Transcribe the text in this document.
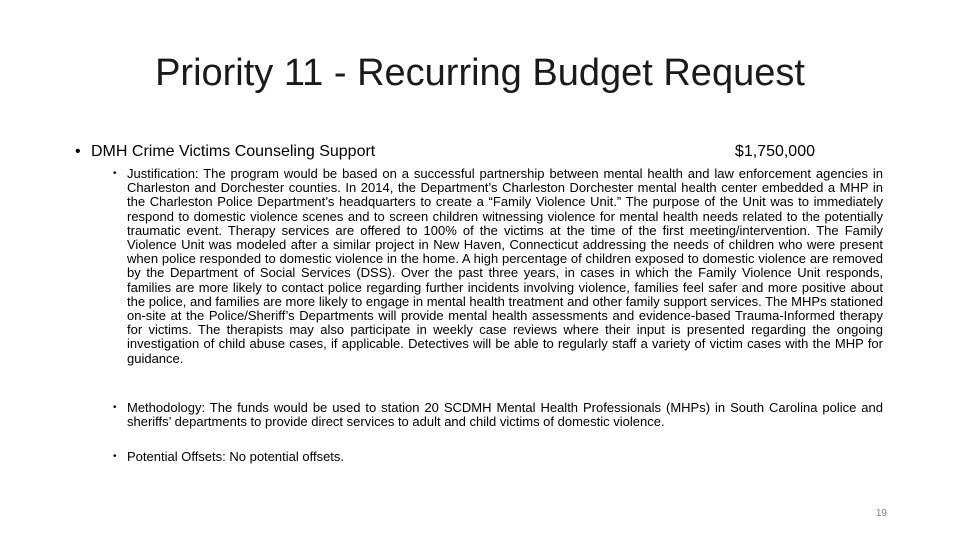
Priority 11 - Recurring Budget Request
• DMH Crime Victims Counseling Support	$1,750,000
• Justification: The program would be based on a successful partnership between mental health and law enforcement agencies in Charleston and Dorchester counties. In 2014, the Department’s Charleston Dorchester mental health center embedded a MHP in the Charleston Police Department’s headquarters to create a “Family Violence Unit.” The purpose of the Unit was to immediately respond to domestic violence scenes and to screen children witnessing violence for mental health needs related to the potentially traumatic event. Therapy services are offered to 100% of the victims at the time of the first meeting/intervention. The Family Violence Unit was modeled after a similar project in New Haven, Connecticut addressing the needs of children who were present when police responded to domestic violence in the home. A high percentage of children exposed to domestic violence are removed by the Department of Social Services (DSS). Over the past three years, in cases in which the Family Violence Unit responds, families are more likely to contact police regarding further incidents involving violence, families feel safer and more positive about the police, and families are more likely to engage in mental health treatment and other family support services. The MHPs stationed on-site at the Police/Sheriff’s Departments will provide mental health assessments and evidence-based Trauma-Informed therapy for victims. The therapists may also participate in weekly case reviews where their input is presented regarding the ongoing investigation of child abuse cases, if applicable. Detectives will be able to regularly staff a variety of victim cases with the MHP for guidance.
• Methodology: The funds would be used to station 20 SCDMH Mental Health Professionals (MHPs) in South Carolina police and sheriffs’ departments to provide direct services to adult and child victims of domestic violence.
• Potential Offsets: No potential offsets.
19
